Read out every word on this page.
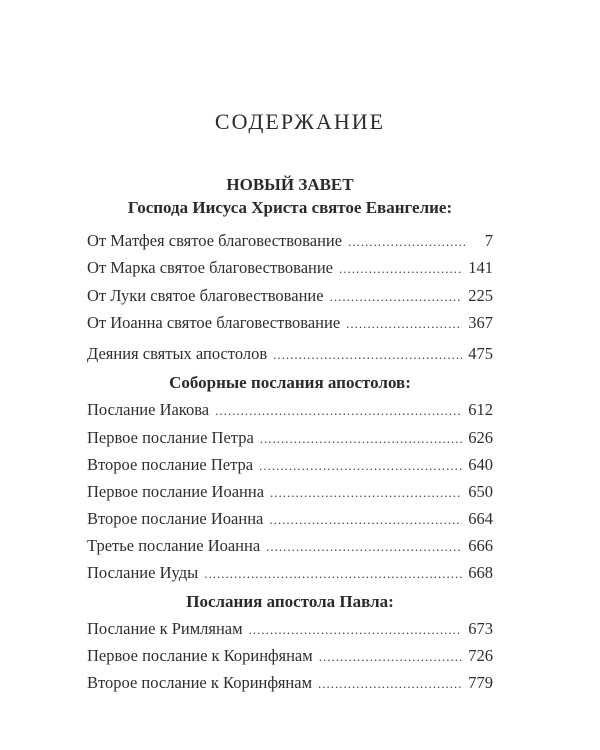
СОДЕРЖАНИЕ
НОВЫЙ ЗАВЕТ
Господа Иисуса Христа святое Евангелие:
От Матфея святое благовествование .....	7
От Марка святое благовествование .....	141
От Луки святое благовествование .....	225
От Иоанна святое благовествование .....	367
Деяния святых апостолов .....	475
Соборные послания апостолов:
Послание Иакова .....	612
Первое послание Петра .....	626
Второе послание Петра .....	640
Первое послание Иоанна .....	650
Второе послание Иоанна .....	664
Третье послание Иоанна .....	666
Послание Иуды .....	668
Послания апостола Павла:
Послание к Римлянам .....	673
Первое послание к Коринфянам .....	726
Второе послание к Коринфянам .....	779
